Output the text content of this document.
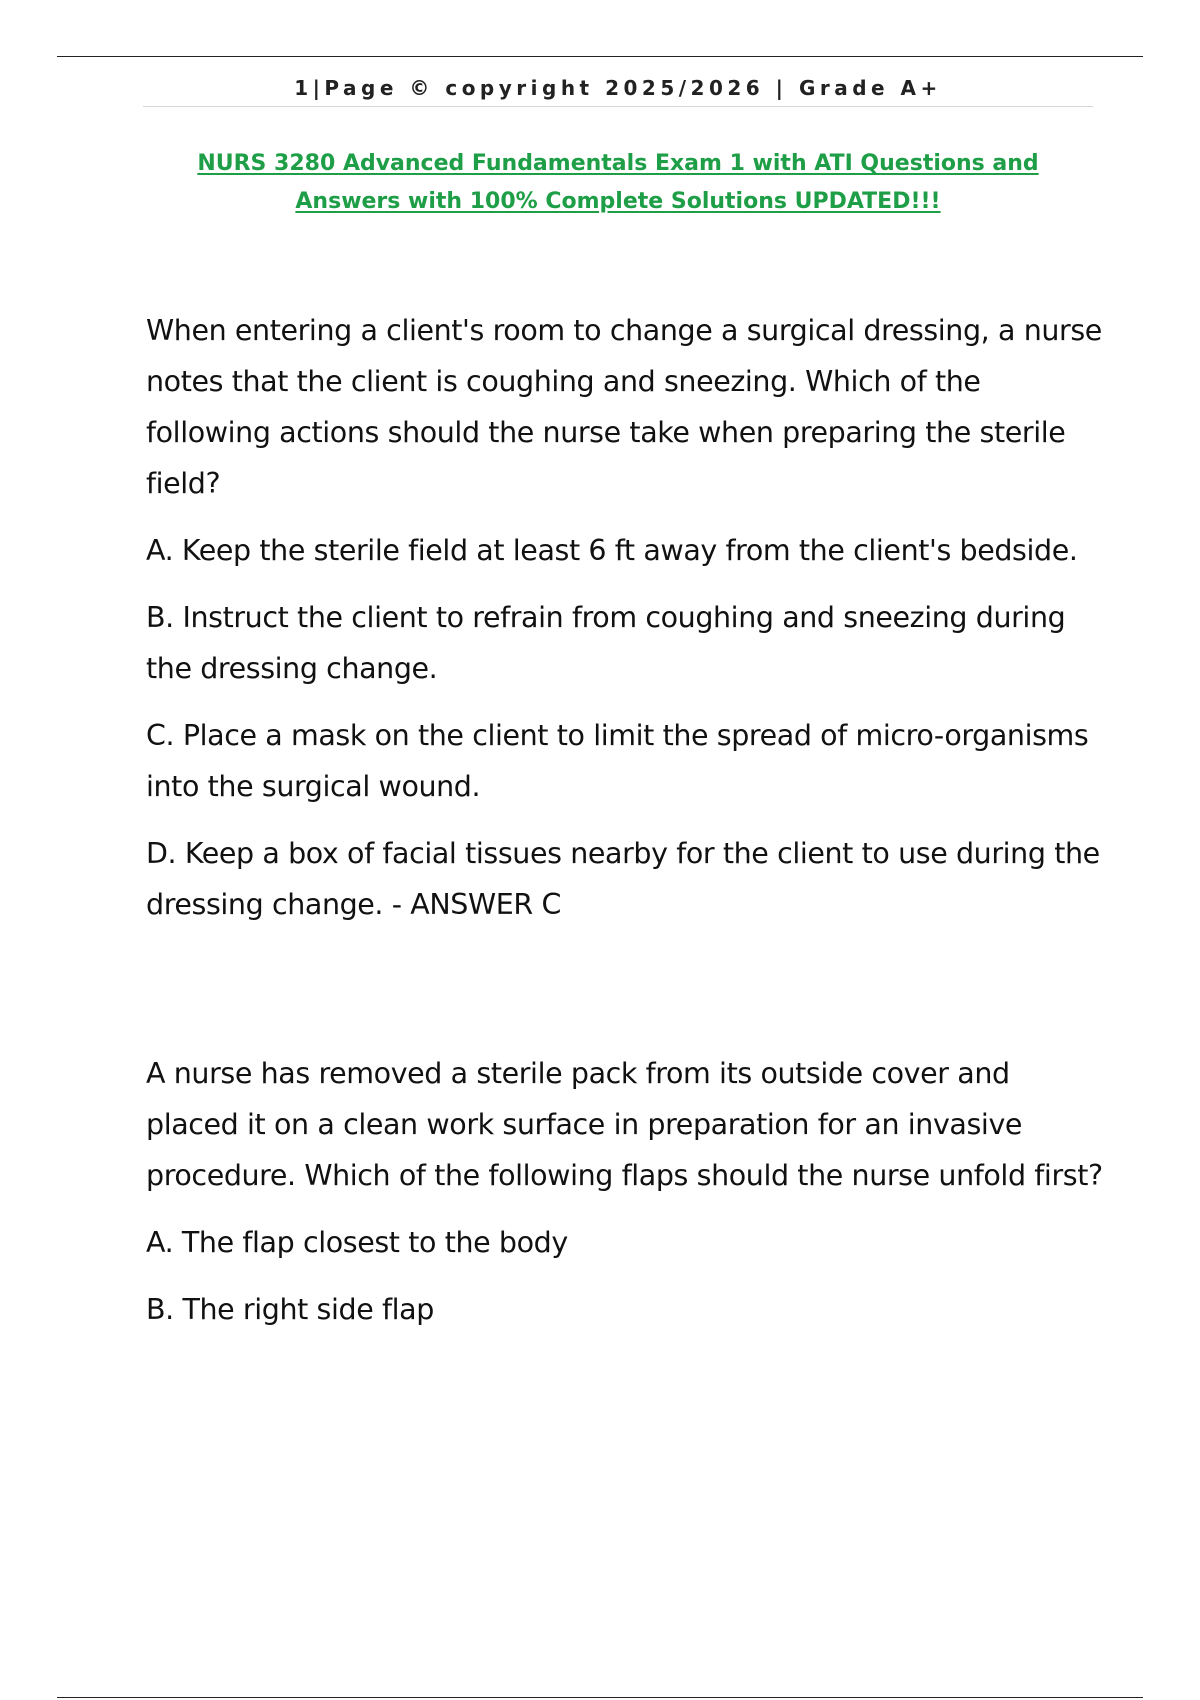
1|Page © copyright 2025/2026 | Grade A+
NURS 3280 Advanced Fundamentals Exam 1 with ATI Questions and
Answers with 100% Complete Solutions UPDATED!!!
When entering a client's room to change a surgical dressing, a nurse notes that the client is coughing and sneezing. Which of the following actions should the nurse take when preparing the sterile field?
A. Keep the sterile field at least 6 ft away from the client's bedside.
B. Instruct the client to refrain from coughing and sneezing during the dressing change.
C. Place a mask on the client to limit the spread of micro-organisms into the surgical wound.
D. Keep a box of facial tissues nearby for the client to use during the dressing change. - ANSWER C
A nurse has removed a sterile pack from its outside cover and placed it on a clean work surface in preparation for an invasive procedure. Which of the following flaps should the nurse unfold first?
A. The flap closest to the body
B. The right side flap
